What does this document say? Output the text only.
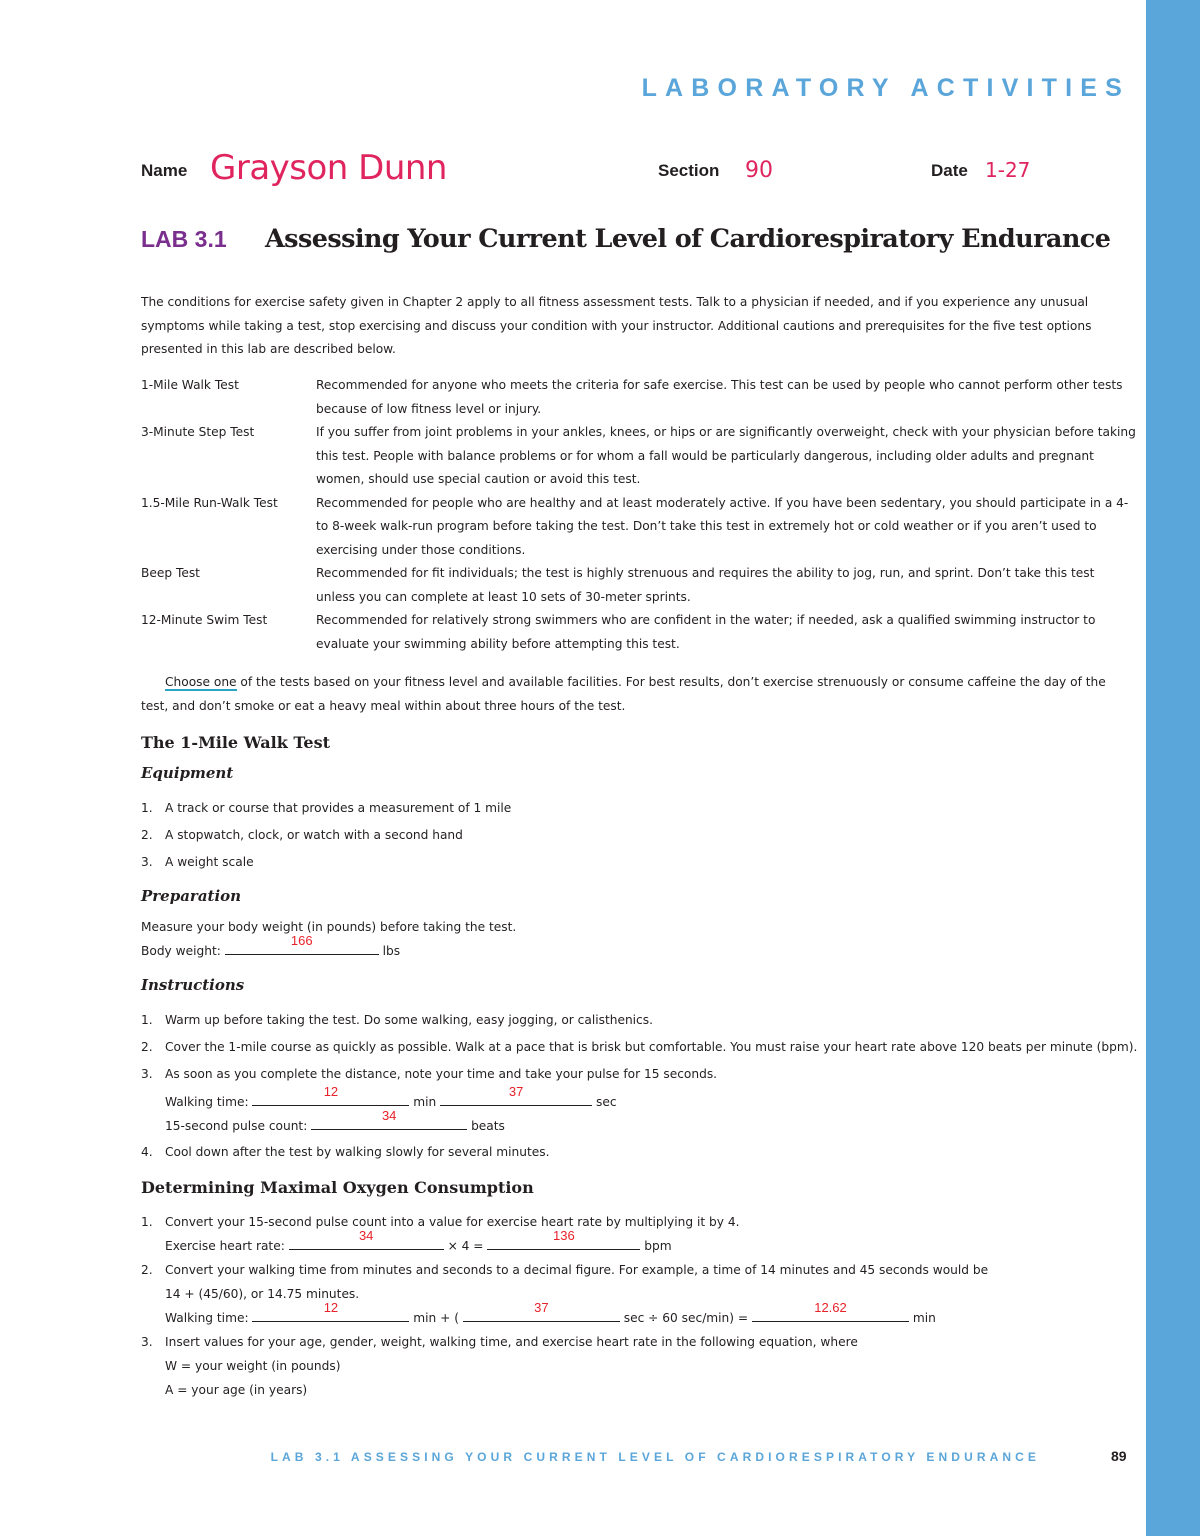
LABORATORY ACTIVITIES
Name Grayson Dunn	Section 90	Date 1-27
LAB 3.1 Assessing Your Current Level of Cardiorespiratory Endurance
The conditions for exercise safety given in Chapter 2 apply to all fitness assessment tests. Talk to a physician if needed, and if you experience any unusual symptoms while taking a test, stop exercising and discuss your condition with your instructor. Additional cautions and prerequisites for the five test options presented in this lab are described below.
1-Mile Walk Test	Recommended for anyone who meets the criteria for safe exercise. This test can be used by people who cannot perform other tests because of low fitness level or injury.
3-Minute Step Test	If you suffer from joint problems in your ankles, knees, or hips or are significantly overweight, check with your physician before taking this test. People with balance problems or for whom a fall would be particularly dangerous, including older adults and pregnant women, should use special caution or avoid this test.
1.5-Mile Run-Walk Test	Recommended for people who are healthy and at least moderately active. If you have been sedentary, you should participate in a 4- to 8-week walk-run program before taking the test. Don’t take this test in extremely hot or cold weather or if you aren’t used to exercising under those conditions.
Beep Test	Recommended for fit individuals; the test is highly strenuous and requires the ability to jog, run, and sprint. Don’t take this test unless you can complete at least 10 sets of 30-meter sprints.
12-Minute Swim Test	Recommended for relatively strong swimmers who are confident in the water; if needed, ask a qualified swimming instructor to evaluate your swimming ability before attempting this test.
Choose one of the tests based on your fitness level and available facilities. For best results, don’t exercise strenuously or consume caffeine the day of the test, and don’t smoke or eat a heavy meal within about three hours of the test.
The 1-Mile Walk Test
Equipment
1.	A track or course that provides a measurement of 1 mile
2.	A stopwatch, clock, or watch with a second hand
3.	A weight scale
Preparation
Measure your body weight (in pounds) before taking the test.
Body weight:
166
lbs
Instructions
1.	Warm up before taking the test. Do some walking, easy jogging, or calisthenics.
2.	Cover the 1-mile course as quickly as possible. Walk at a pace that is brisk but comfortable. You must raise your heart rate above 120 beats per minute (bpm).
3.	As soon as you complete the distance, note your time and take your pulse for 15 seconds.
Walking time:
12
min
37
sec
15-second pulse count:
34
beats
4.	Cool down after the test by walking slowly for several minutes.
Determining Maximal Oxygen Consumption
1. Convert your 15-second pulse count into a value for exercise heart rate by multiplying it by 4.
Exercise heart rate:
34
× 4 =
136
bpm
2. Convert your walking time from minutes and seconds to a decimal figure. For example, a time of 14 minutes and 45 seconds would be
14 + (45/60), or 14.75 minutes.
Walking time:
12
min + (
37
sec ÷ 60 sec/min) =
12.62
min
3. Insert values for your age, gender, weight, walking time, and exercise heart rate in the following equation, where
W = your weight (in pounds)
A = your age (in years)
LAB 3.1 ASSESSING YOUR CURRENT LEVEL OF CARDIORESPIRATORY ENDURANCE	89
